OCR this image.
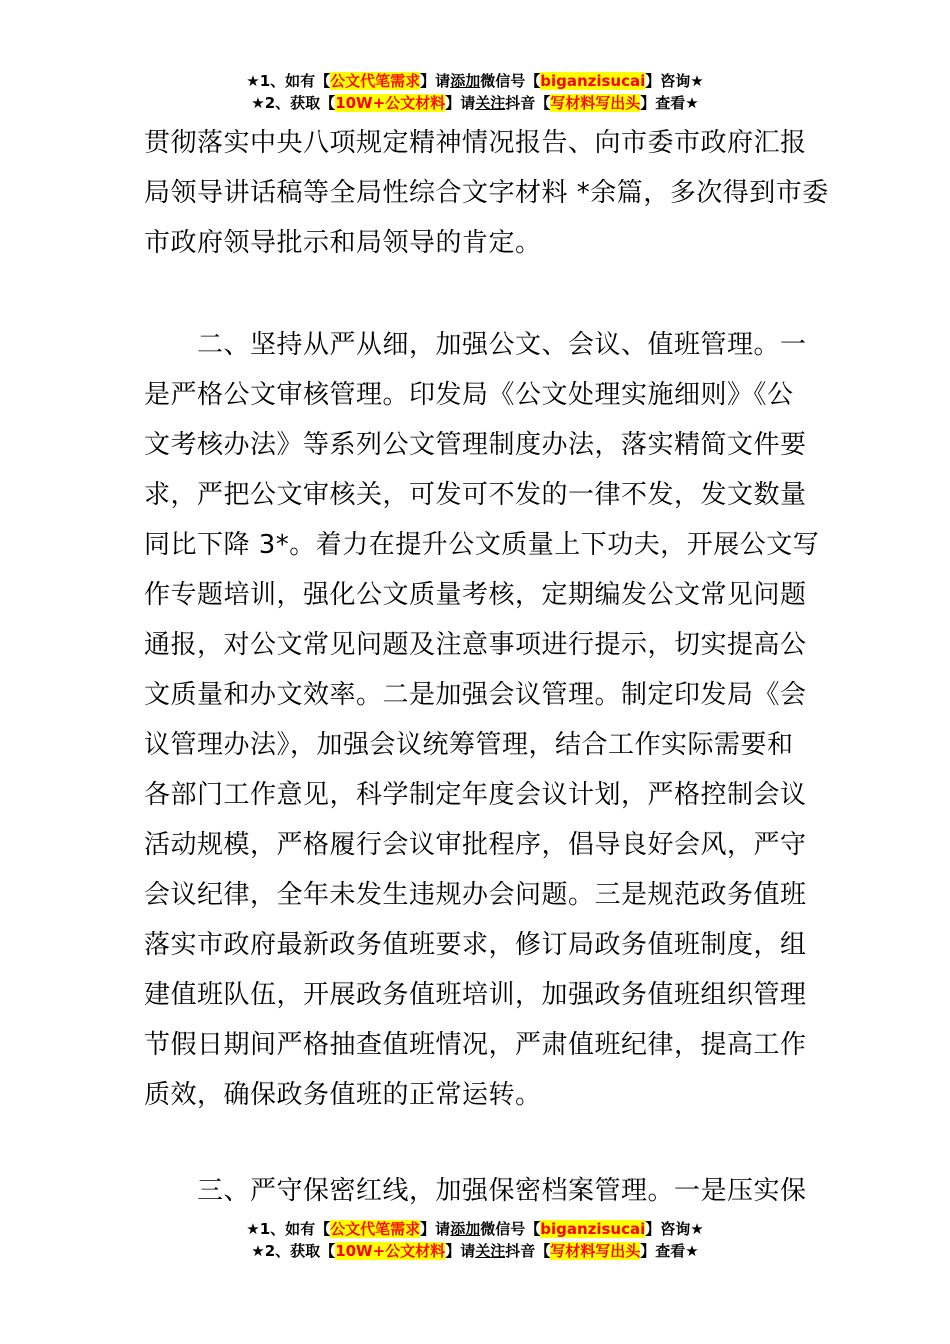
★1、如有【公文代笔需求】请添加微信号【biganzisucai】咨询★
★2、获取【10W+公文材料】请关注抖音【写材料写出头】查看★
贯彻落实中央八项规定精神情况报告、向市委市政府汇报
局领导讲话稿等全局性综合文字材料 *余篇，多次得到市委
市政府领导批示和局领导的肯定。
　　二、坚持从严从细，加强公文、会议、值班管理。一
是严格公文审核管理。印发局《公文处理实施细则》《公
文考核办法》等系列公文管理制度办法，落实精简文件要
求，严把公文审核关，可发可不发的一律不发，发文数量
同比下降 3*。着力在提升公文质量上下功夫，开展公文写
作专题培训，强化公文质量考核，定期编发公文常见问题
通报，对公文常见问题及注意事项进行提示，切实提高公
文质量和办文效率。二是加强会议管理。制定印发局《会
议管理办法》，加强会议统筹管理，结合工作实际需要和
各部门工作意见，科学制定年度会议计划，严格控制会议
活动规模，严格履行会议审批程序，倡导良好会风，严守
会议纪律，全年未发生违规办会问题。三是规范政务值班
落实市政府最新政务值班要求，修订局政务值班制度，组
建值班队伍，开展政务值班培训，加强政务值班组织管理
节假日期间严格抽查值班情况，严肃值班纪律，提高工作
质效，确保政务值班的正常运转。
　　三、严守保密红线，加强保密档案管理。一是压实保
★1、如有【公文代笔需求】请添加微信号【biganzisucai】咨询★
★2、获取【10W+公文材料】请关注抖音【写材料写出头】查看★
